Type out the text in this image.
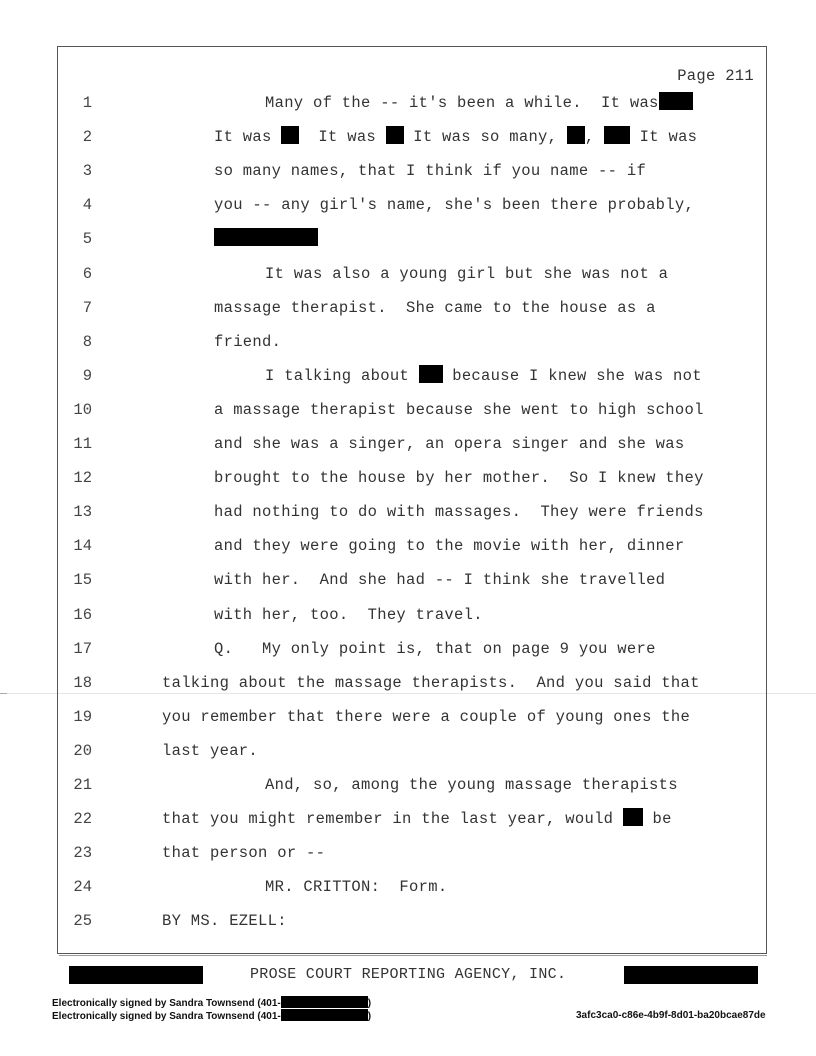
Page 211
1	Many of the -- it's been a while.  It was
2	It was   It was  It was so many, ,  It was
3	so many names, that I think if you name -- if
4	you -- any girl's name, she's been there probably,
5
6	It was also a young girl but she was not a
7	massage therapist.  She came to the house as a
8	friend.
9	I talking about  because I knew she was not
10	a massage therapist because she went to high school
11	and she was a singer, an opera singer and she was
12	brought to the house by her mother.  So I knew they
13	had nothing to do with massages.  They were friends
14	and they were going to the movie with her, dinner
15	with her.  And she had -- I think she travelled
16	with her, too.  They travel.
17	Q.   My only point is, that on page 9 you were
18	talking about the massage therapists.  And you said that
19	you remember that there were a couple of young ones the
20	last year.
21	And, so, among the young massage therapists
22	that you might remember in the last year, would  be
23	that person or --
24	MR. CRITTON:  Form.
25	BY MS. EZELL:
PROSE COURT REPORTING AGENCY, INC.
Electronically signed by Sandra Townsend (401-	)
Electronically signed by Sandra Townsend (401-	)	3afc3ca0-c86e-4b9f-8d01-ba20bcae87de
